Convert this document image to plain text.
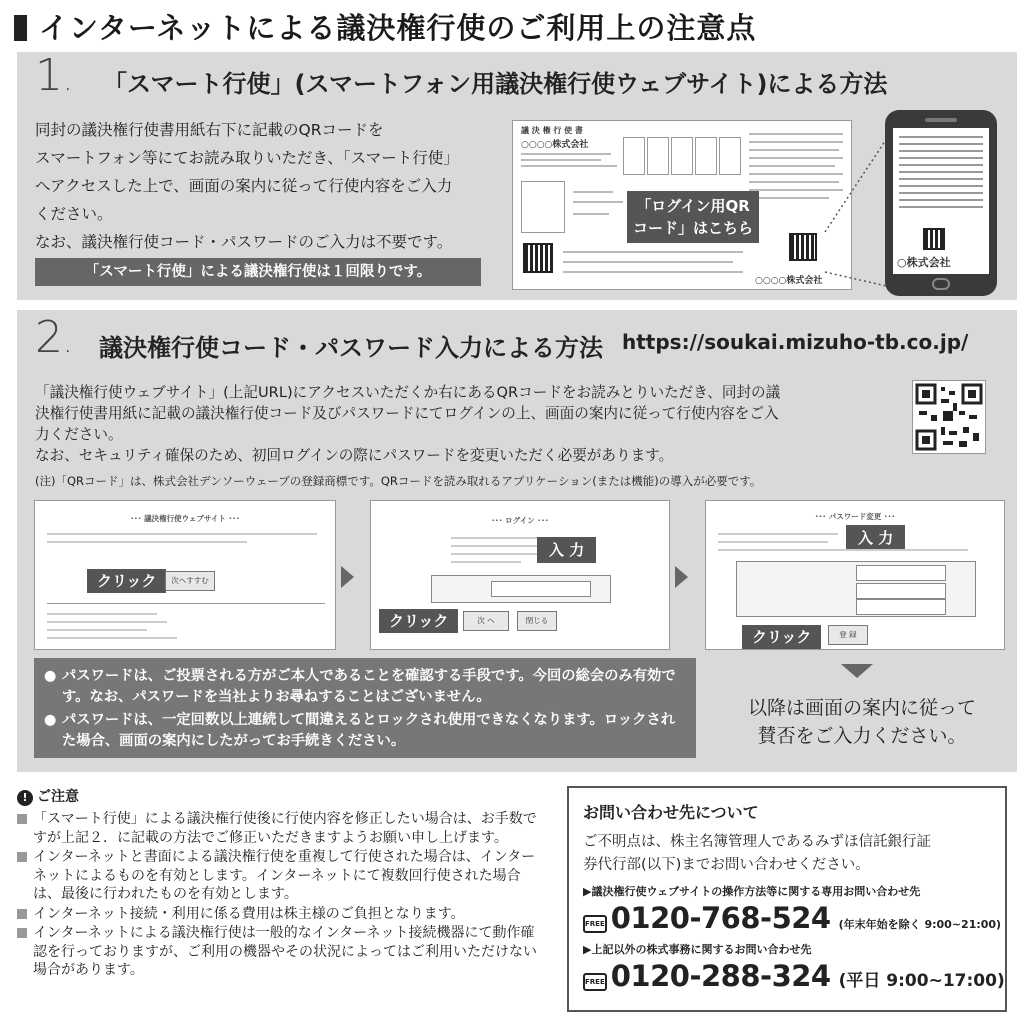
インターネットによる議決権行使のご利用上の注意点
1. 「スマート行使」(スマートフォン用議決権行使ウェブサイト)による方法
同封の議決権行使書用紙右下に記載のQRコードを
スマートフォン等にてお読み取りいただき、「スマート行使」
へアクセスした上で、画面の案内に従って行使内容をご入力
ください。
なお、議決権行使コード・パスワードのご入力は不要です。
「スマート行使」による議決権行使は１回限りです。
議 決 権 行 使 書
○○○○株式会社
○○○○株式会社
「ログイン用QR
コード」はこちら
○株式会社
2. 議決権行使コード・パスワード入力による方法 https://soukai.mizuho-tb.co.jp/
「議決権行使ウェブサイト」(上記URL)にアクセスいただくか右にあるQRコードをお読みとりいただき、同封の議
決権行使書用紙に記載の議決権行使コード及びパスワードにてログインの上、画面の案内に従って行使内容をご入
力ください。
なお、セキュリティ確保のため、初回ログインの際にパスワードを変更いただく必要があります。
(注)「QRコード」は、株式会社デンソーウェーブの登録商標です。QRコードを読み取れるアプリケーション(または機能)の導入が必要です。
･･･ 議決権行使ウェブサイト ･･･
クリック	次へすすむ
･･･ ログイン ･･･
入 力
クリック	次 へ	閉じる
･･･ パスワード変更 ･･･
入 力
クリック	登 録
● パスワードは、ご投票される方がご本人であることを確認する手段です。今回の総会のみ有効です。なお、パスワードを当社よりお尋ねすることはございません。
● パスワードは、一定回数以上連続して間違えるとロックされ使用できなくなります。ロックされた場合、画面の案内にしたがってお手続きください。
以降は画面の案内に従って
賛否をご入力ください。
! ご注意
「スマート行使」による議決権行使後に行使内容を修正したい場合は、お手数ですが上記２．に記載の方法でご修正いただきますようお願い申し上げます。
インターネットと書面による議決権行使を重複して行使された場合は、インターネットによるものを有効とします。インターネットにて複数回行使された場合は、最後に行われたものを有効とします。
インターネット接続・利用に係る費用は株主様のご負担となります。
インターネットによる議決権行使は一般的なインターネット接続機器にて動作確認を行っておりますが、ご利用の機器やその状況によってはご利用いただけない場合があります。
お問い合わせ先について
ご不明点は、株主名簿管理人であるみずほ信託銀行証
券代行部(以下)までお問い合わせください。
▶議決権行使ウェブサイトの操作方法等に関する専用お問い合わせ先
FREE 0120-768-524 (年末年始を除く 9:00~21:00)
▶上記以外の株式事務に関するお問い合わせ先
FREE 0120-288-324 (平日 9:00~17:00)
